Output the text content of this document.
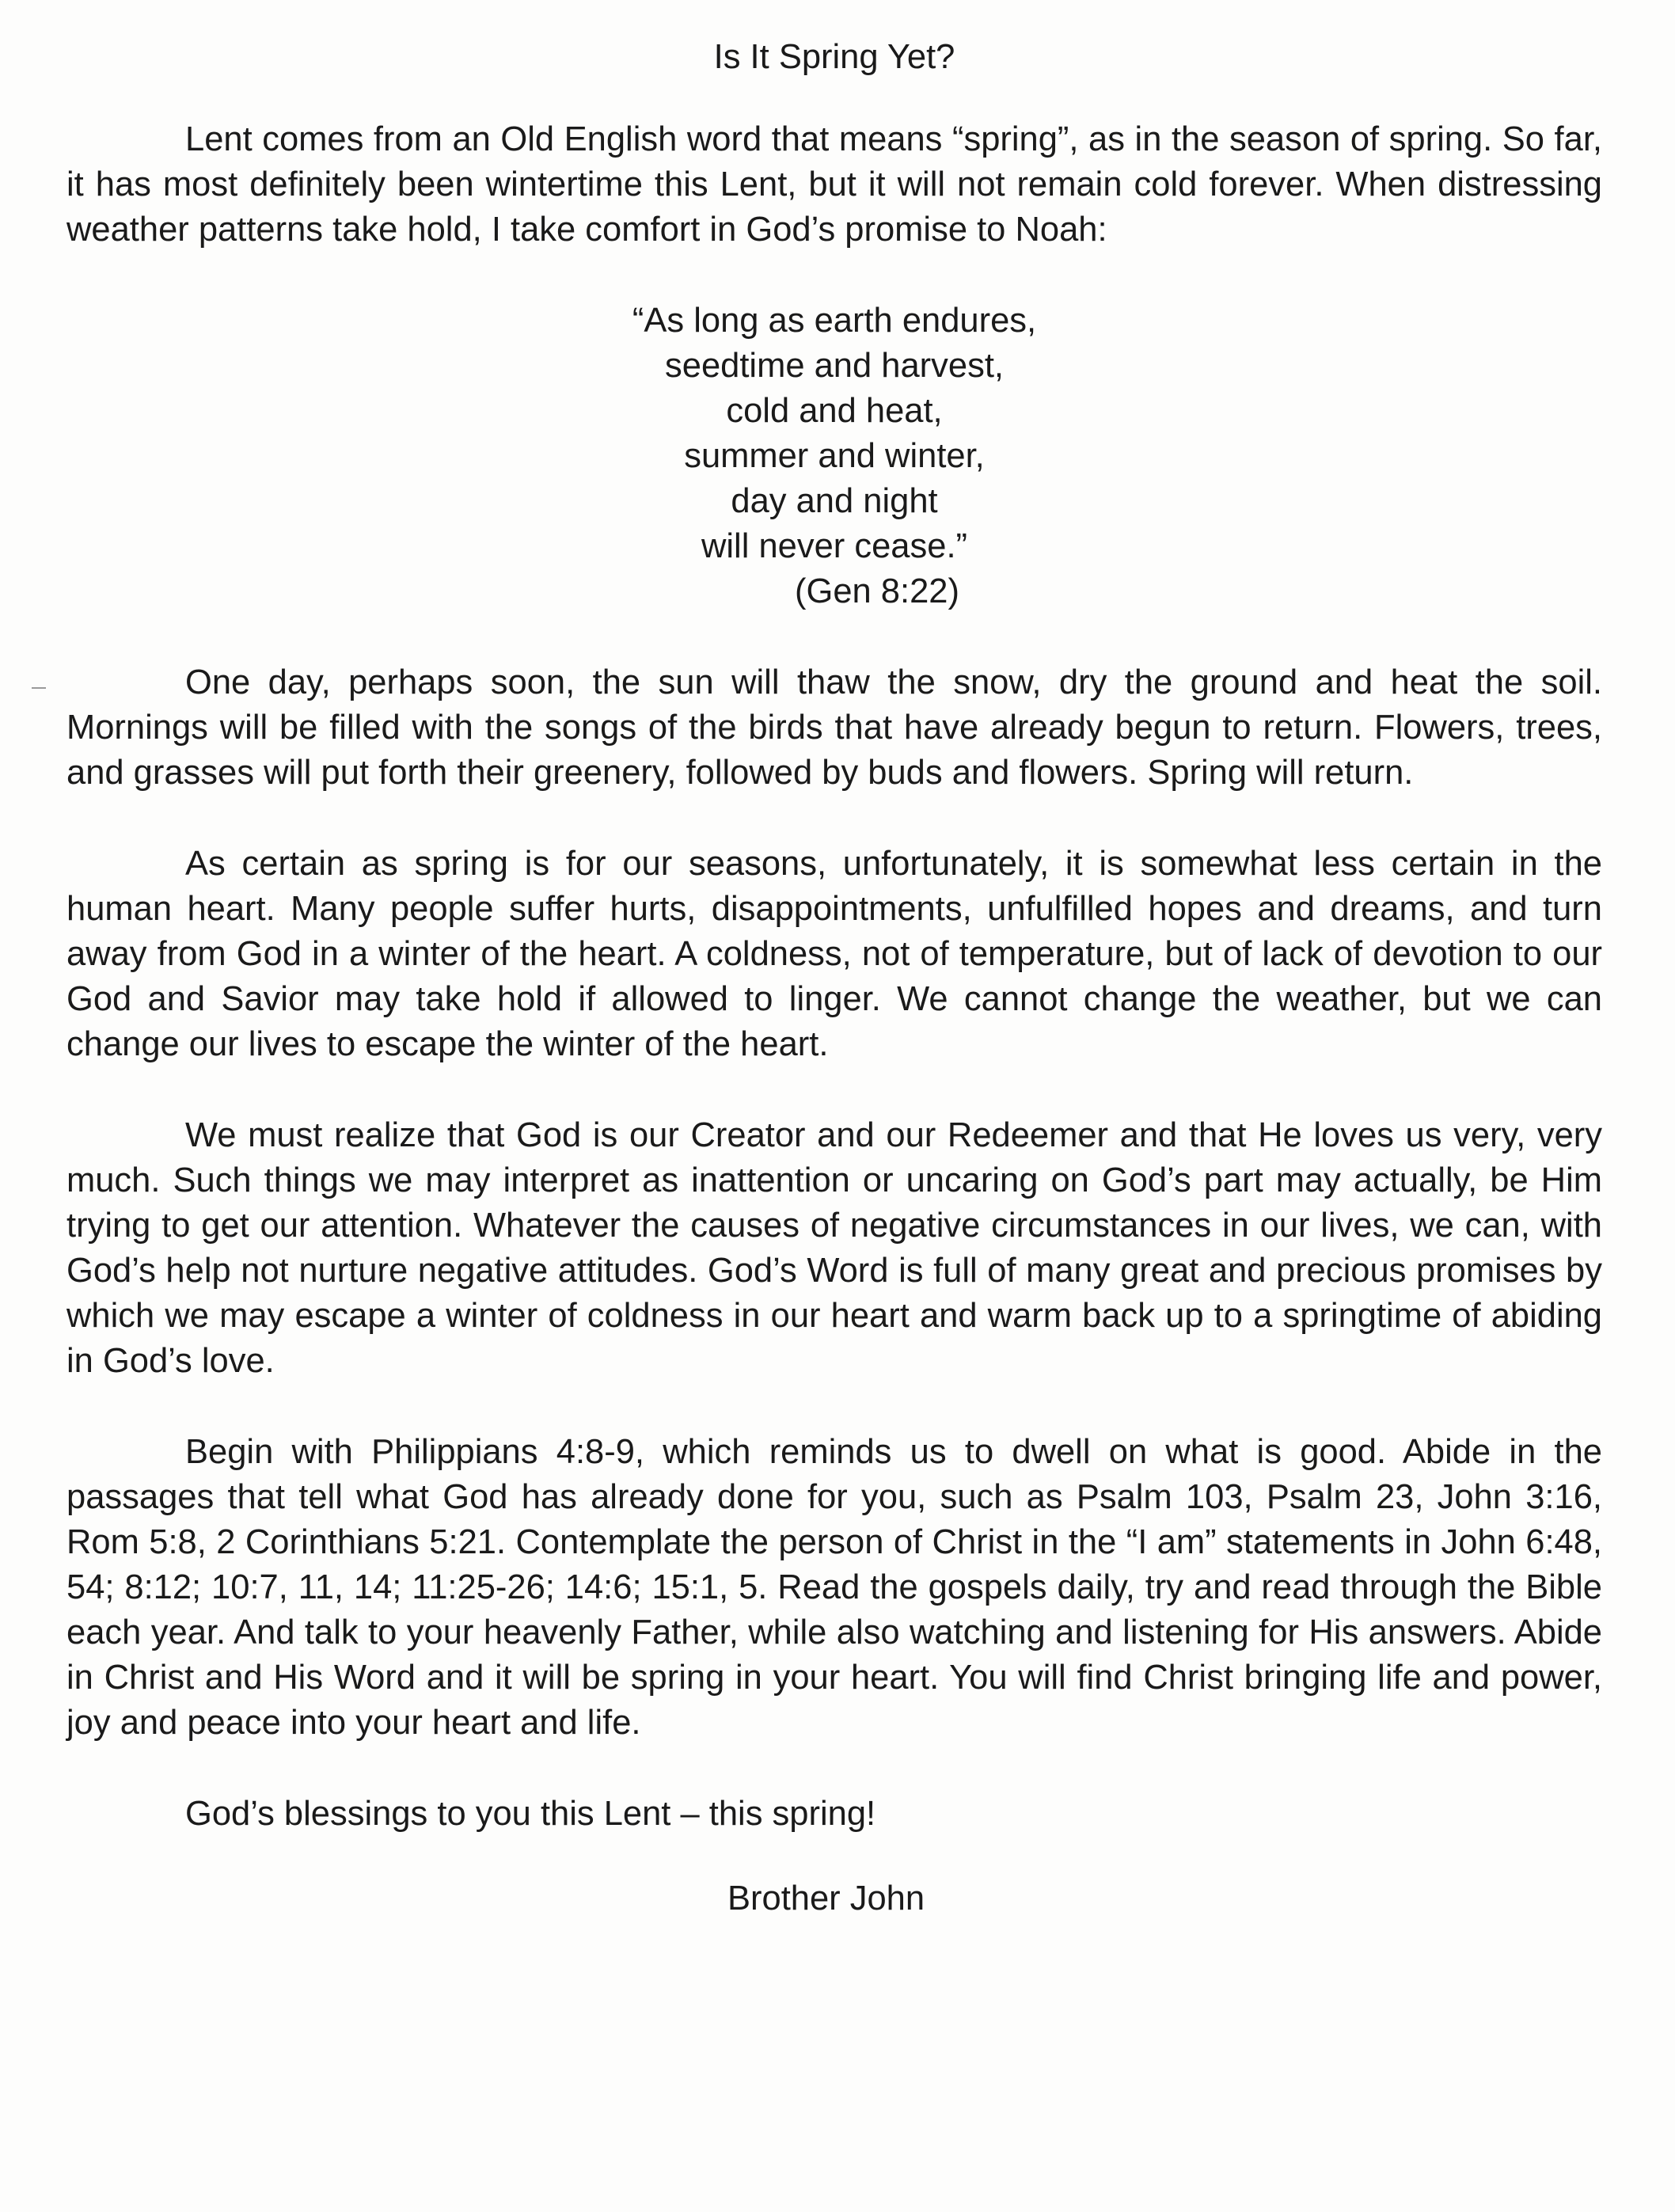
Is It Spring Yet?

Lent comes from an Old English word that means “spring”, as in the season of spring. So far, it has most definitely been wintertime this Lent, but it will not remain cold forever. When distressing weather patterns take hold, I take comfort in God’s promise to Noah:

“As long as earth endures,
seedtime and harvest,
cold and heat,
summer and winter,
day and night
will never cease.”
(Gen 8:22)

One day, perhaps soon, the sun will thaw the snow, dry the ground and heat the soil. Mornings will be filled with the songs of the birds that have already begun to return. Flowers, trees, and grasses will put forth their greenery, followed by buds and flowers. Spring will return.

As certain as spring is for our seasons, unfortunately, it is somewhat less certain in the human heart. Many people suffer hurts, disappointments, unfulfilled hopes and dreams, and turn away from God in a winter of the heart. A coldness, not of temperature, but of lack of devotion to our God and Savior may take hold if allowed to linger. We cannot change the weather, but we can change our lives to escape the winter of the heart.

We must realize that God is our Creator and our Redeemer and that He loves us very, very much. Such things we may interpret as inattention or uncaring on God’s part may actually, be Him trying to get our attention. Whatever the causes of negative circumstances in our lives, we can, with God’s help not nurture negative attitudes. God’s Word is full of many great and precious promises by which we may escape a winter of coldness in our heart and warm back up to a springtime of abiding in God’s love.

Begin with Philippians 4:8-9, which reminds us to dwell on what is good. Abide in the passages that tell what God has already done for you, such as Psalm 103, Psalm 23, John 3:16, Rom 5:8, 2 Corinthians 5:21. Contemplate the person of Christ in the “I am” statements in John 6:48, 54; 8:12; 10:7, 11, 14; 11:25-26; 14:6; 15:1, 5. Read the gospels daily, try and read through the Bible each year. And talk to your heavenly Father, while also watching and listening for His answers. Abide in Christ and His Word and it will be spring in your heart. You will find Christ bringing life and power, joy and peace into your heart and life.

God’s blessings to you this Lent – this spring!

Brother John
